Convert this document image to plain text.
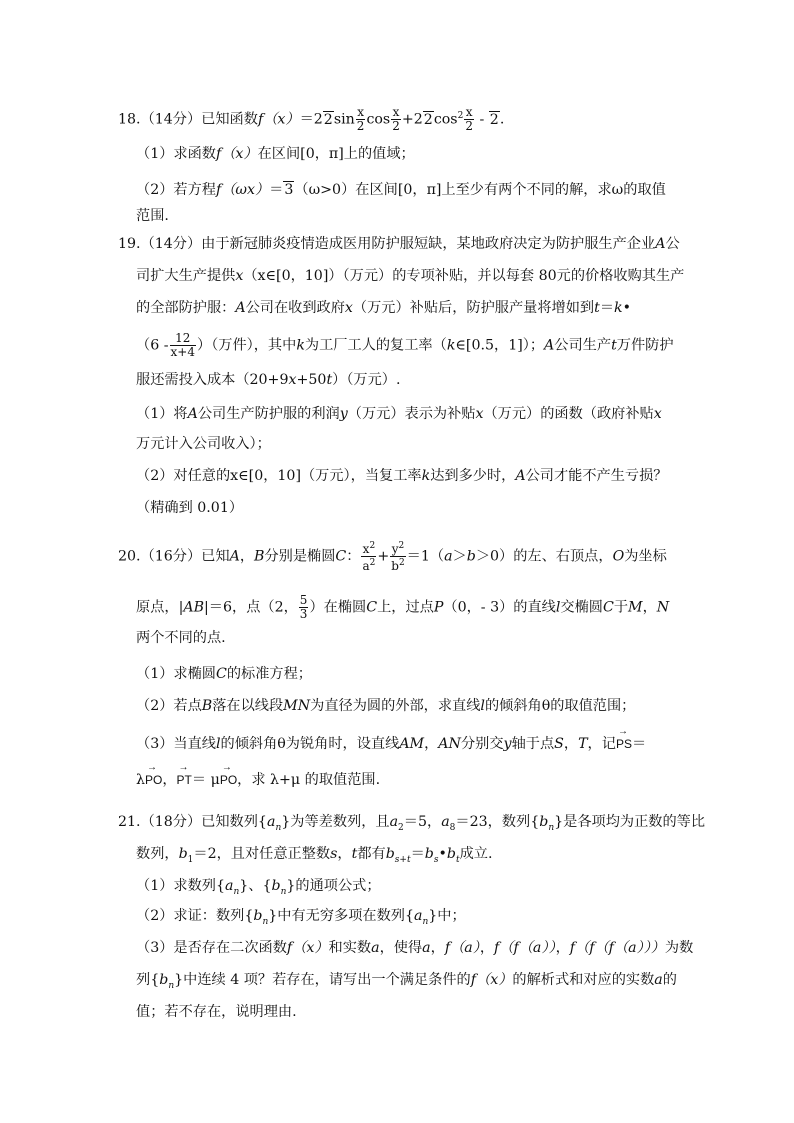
18.（14分）已知函数$f(x)=22\sin \frac{x}{2}$ $\cos \frac{x}{2} +22\cos^2 \frac{x}{2} - 2$.
（1）求函数f（x）在区间[0，π]上的值域；
（2）若方程f（ωx）＝3（ω>0）在区间[0，π]上至少有两个不同的解，求ω的取值
范围.
19.（14分）由于新冠肺炎疫情造成医用防护服短缺，某地政府决定为防护服生产企业A公
司扩大生产提供x（x∈[0，10]）（万元）的专项补贴，并以每套 80元的价格收购其生产
的全部防护服：A公司在收到政府x（万元）补贴后，防护服产量将增如到t＝k•
（$6 - \frac{12}{x+4}$ ）（万件），其中k为工厂工人的复工率（k∈[0.5，1]）；A公司生产t万件防护
服还需投入成本（20+9x+50t）（万元）.
（1）将A公司生产防护服的利润y（万元）表示为补贴x（万元）的函数（政府补贴x
万元计入公司收入）；
（2）对任意的x∈[0，10]（万元），当复工率k达到多少时，A公司才能不产生亏损？
（精确到 0.01）
20.（16分）已知A，B分别是椭圆C： $\frac{x^2}{a^2} + \frac{y^2}{b^2} =1(a>b>0)$的左、右顶点，O为坐标
原点，|AB|＝6，点（2， $\frac{5}{3}$ ）在椭圆C上，过点P（0，- 3）的直线l交椭圆C于M，N
两个不同的点.
（1）求椭圆C的标准方程；
（2）若点B落在以线段MN为直径为圆的外部，求直线l的倾斜角θ的取值范围；
（3）当直线l的倾斜角θ为锐角时，设直线AM，AN分别交y轴于点S，T，记→ PS＝
λ→ PO，→ PT＝ μ→ PO，求 λ+μ 的取值范围.
21.（18分）已知数列$\{a_n\}$为等差数列，且$a_2=5$，$a_8=23$，数列$\{b_n\}$是各项均为正数的等比
数列，$b_1=2$，且对任意正整数s，t都有$b_{s+t}=b_s•b_t$成立.
（1）求数列$\{a_n\}$、$\{b_n\}$的通项公式；
（2）求证：数列$\{b_n\}$中有无穷多项在数列$\{a_n\}$中；
（3）是否存在二次函数f（x）和实数a，使得a，f（a），f（f（a）），f（f（f（a）））为数
列$\{b_n\}$中连续 4 项？若存在，请写出一个满足条件的f（x）的解析式和对应的实数a的
值；若不存在，说明理由.
